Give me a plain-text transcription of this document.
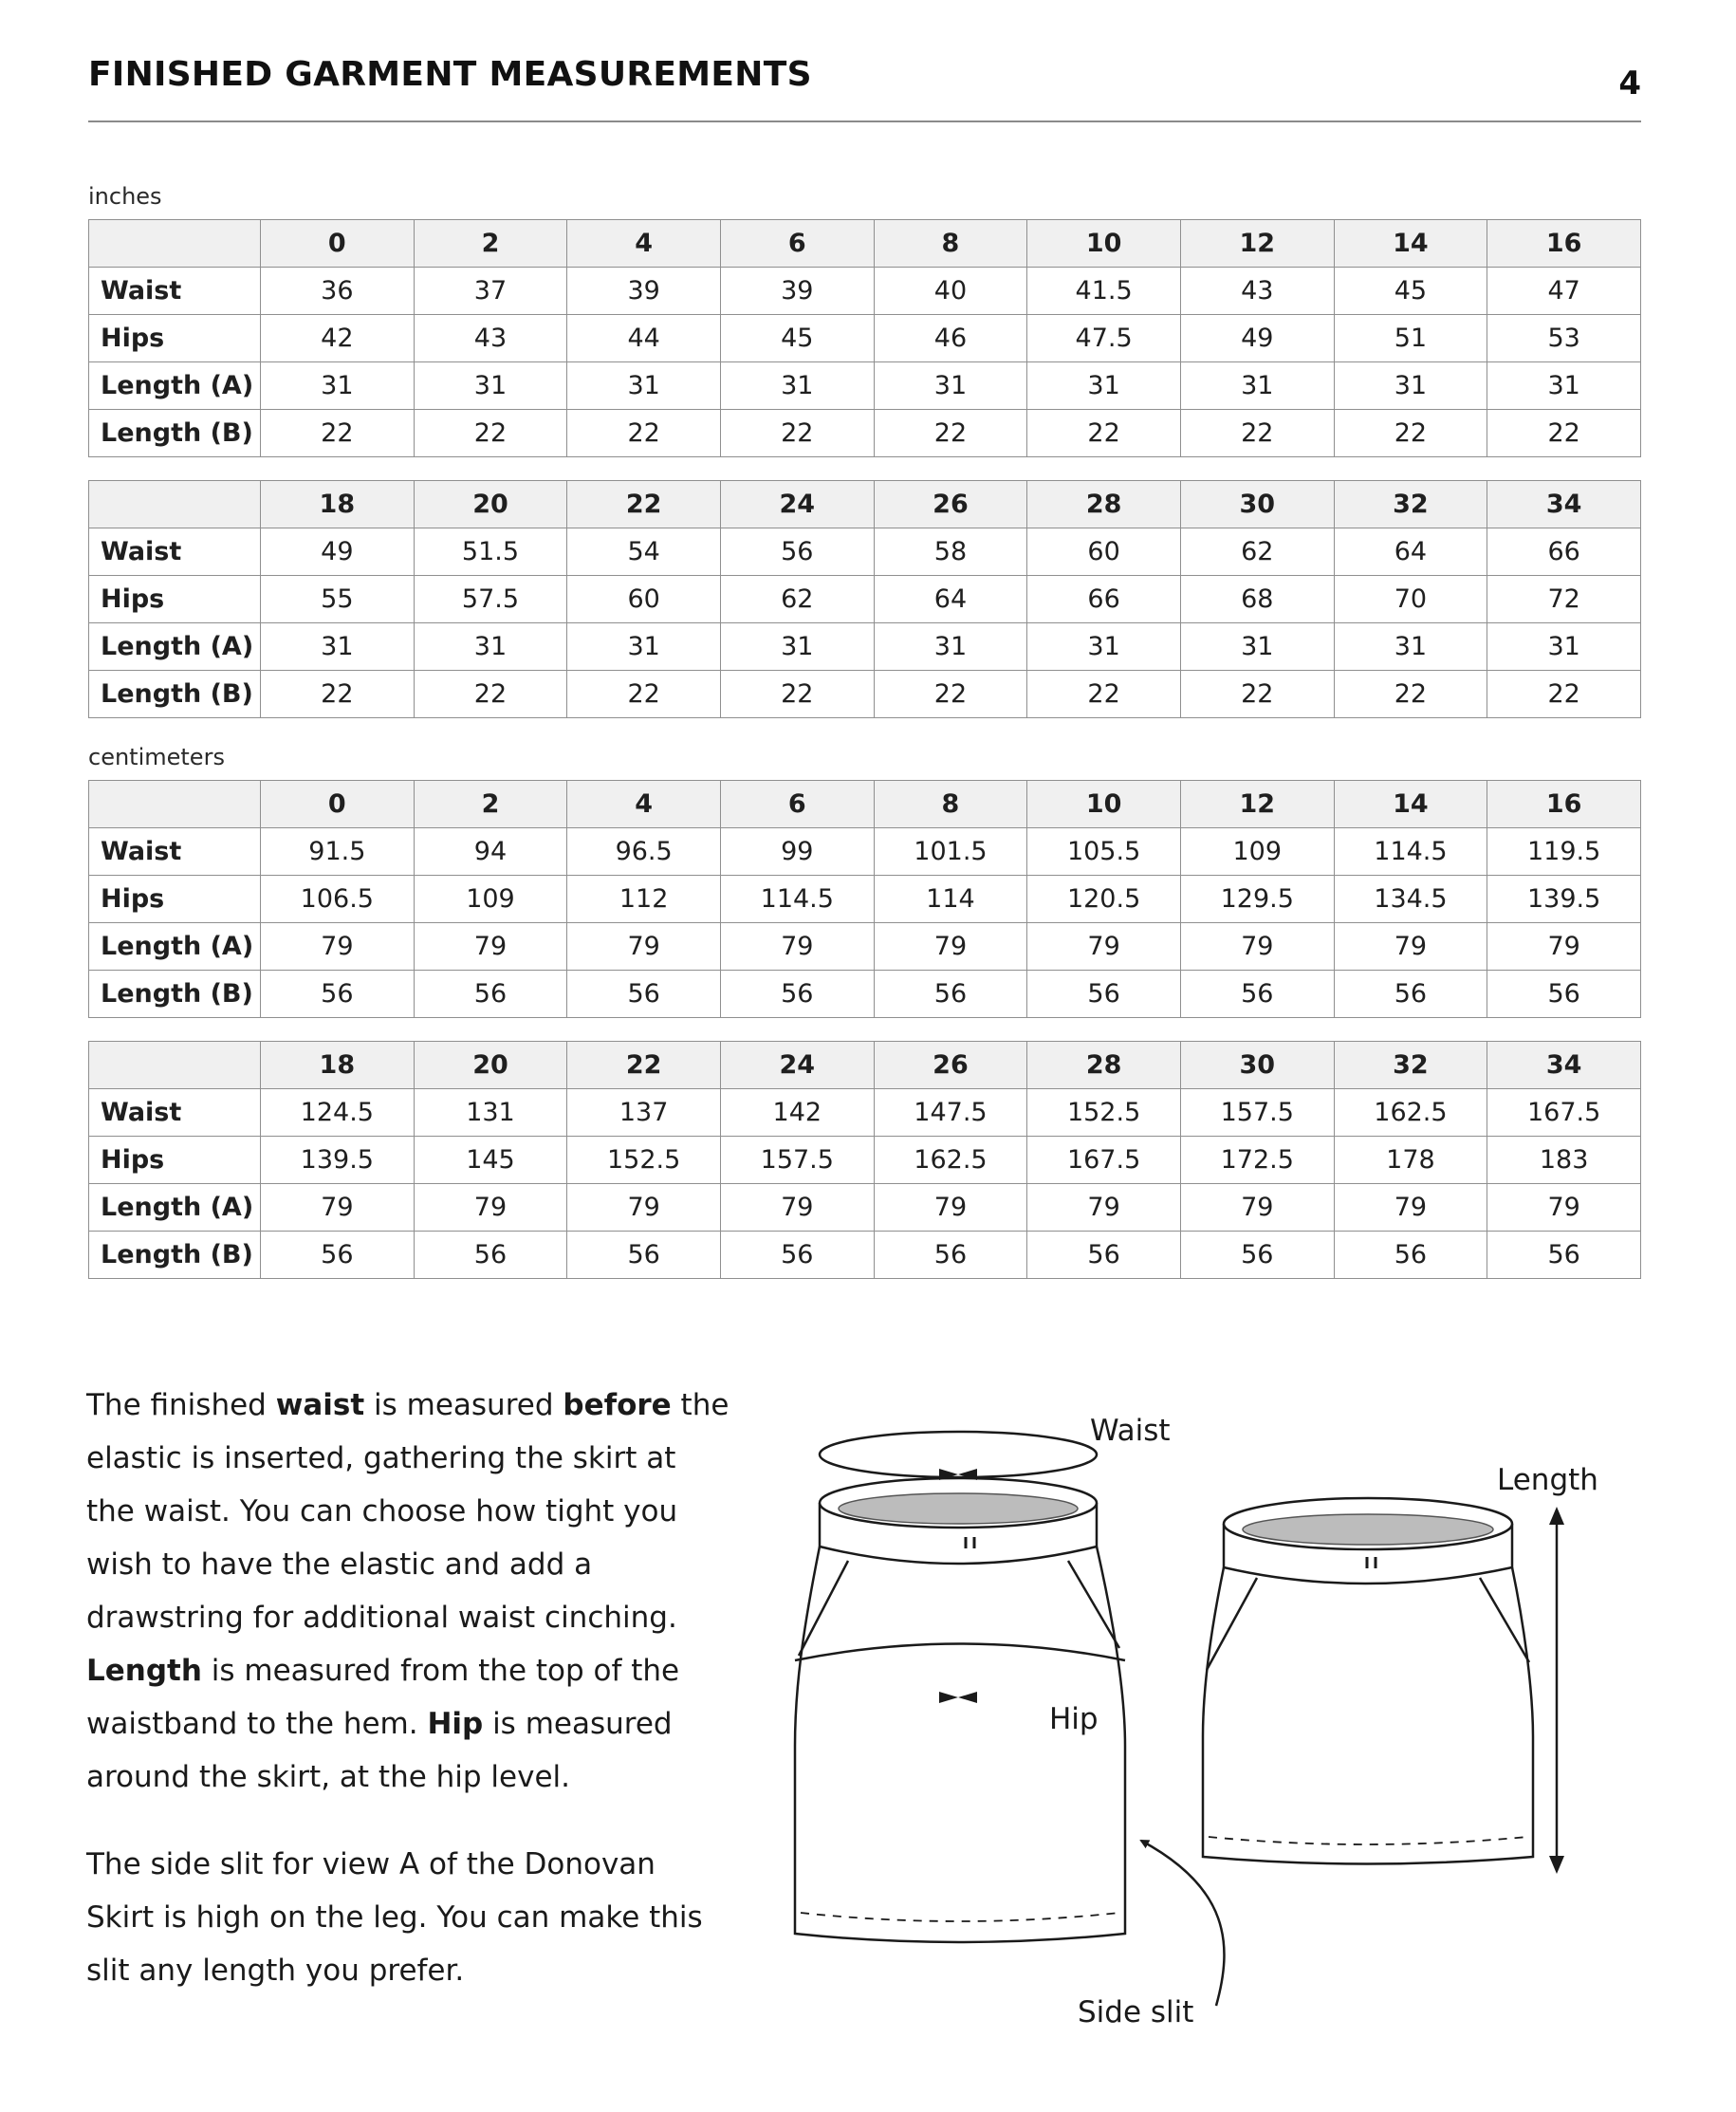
FINISHED GARMENT MEASUREMENTS	4
inches
	0	2	4	6	8	10	12	14	16
Waist	36	37	39	39	40	41.5	43	45	47
Hips	42	43	44	45	46	47.5	49	51	53
Length (A)	31	31	31	31	31	31	31	31	31
Length (B)	22	22	22	22	22	22	22	22	22
	18	20	22	24	26	28	30	32	34
Waist	49	51.5	54	56	58	60	62	64	66
Hips	55	57.5	60	62	64	66	68	70	72
Length (A)	31	31	31	31	31	31	31	31	31
Length (B)	22	22	22	22	22	22	22	22	22
centimeters
	0	2	4	6	8	10	12	14	16
Waist	91.5	94	96.5	99	101.5	105.5	109	114.5	119.5
Hips	106.5	109	112	114.5	114	120.5	129.5	134.5	139.5
Length (A)	79	79	79	79	79	79	79	79	79
Length (B)	56	56	56	56	56	56	56	56	56
	18	20	22	24	26	28	30	32	34
Waist	124.5	131	137	142	147.5	152.5	157.5	162.5	167.5
Hips	139.5	145	152.5	157.5	162.5	167.5	172.5	178	183
Length (A)	79	79	79	79	79	79	79	79	79
Length (B)	56	56	56	56	56	56	56	56	56
The finished waist is measured before the elastic is inserted, gathering the skirt at the waist. You can choose how tight you wish to have the elastic and add a drawstring for additional waist cinching. Length is measured from the top of the waistband to the hem. Hip is measured around the skirt, at the hip level.
The side slit for view A of the Donovan Skirt is high on the leg. You can make this slit any length you prefer.
Waist
Hip
Side slit
Length
